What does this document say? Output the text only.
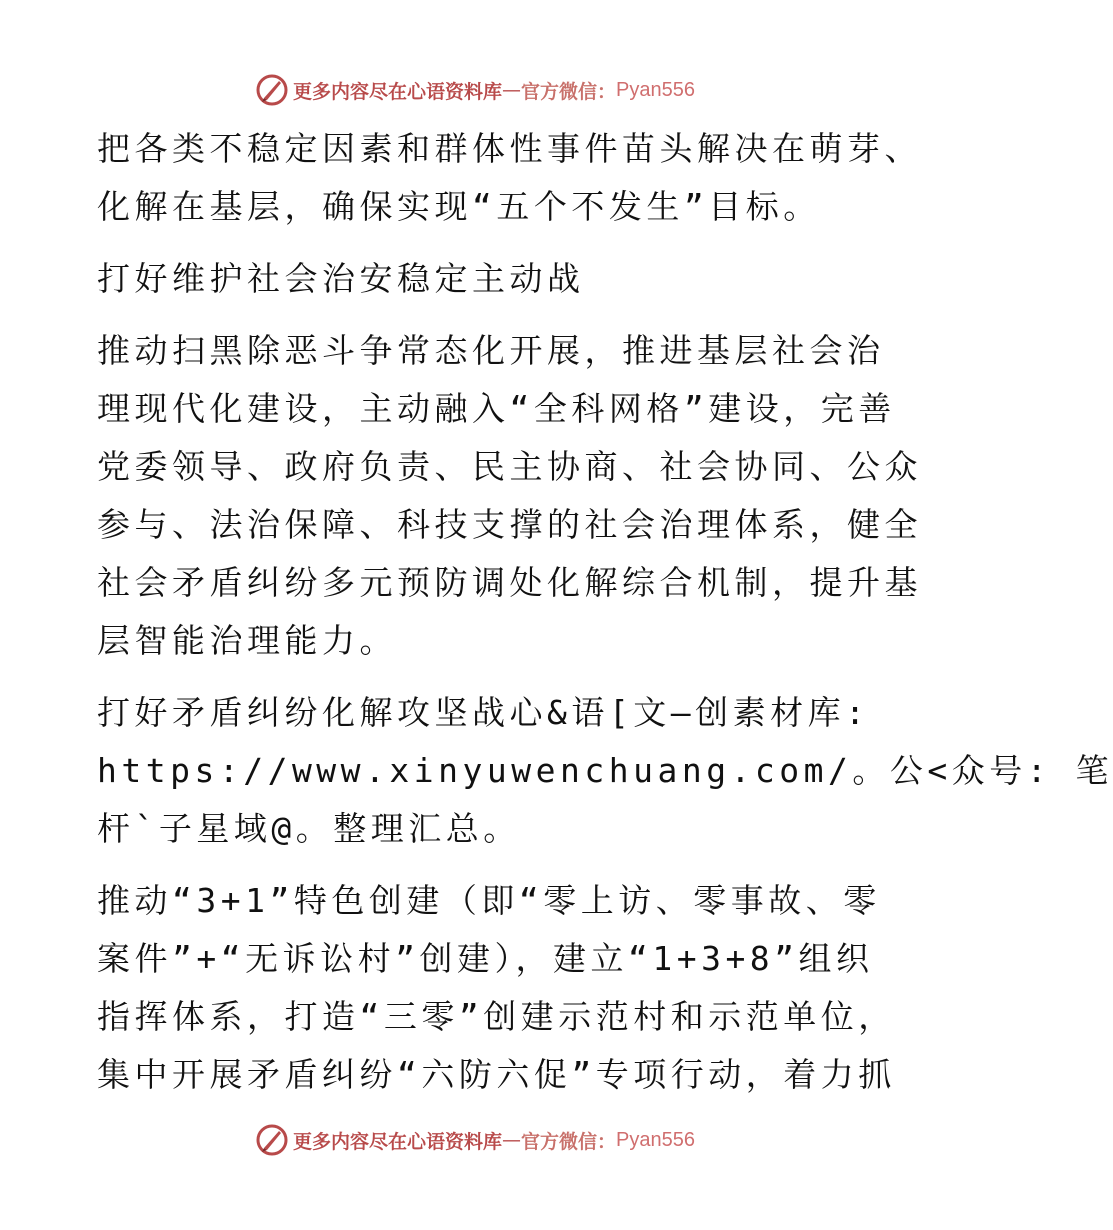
更多内容尽在心语资料库 — 官方微信： Pyan556

把各类不稳定因素和群体性事件苗头解决在萌芽、
化解在基层，确保实现“五个不发生”目标。

打好维护社会治安稳定主动战

推动扫黑除恶斗争常态化开展，推进基层社会治
理现代化建设，主动融入“全科网格”建设，完善
党委领导、政府负责、民主协商、社会协同、公众
参与、法治保障、科技支撑的社会治理体系，健全
社会矛盾纠纷多元预防调处化解综合机制，提升基
层智能治理能力。

打好矛盾纠纷化解攻坚战心&语[文—创素材库:
https://www.xinyuwenchuang.com/。公<众号: 笔
杆`子星域@。整理汇总。

推动“3+1”特色创建（即“零上访、零事故、零
案件”+“无诉讼村”创建），建立“1+3+8”组织
指挥体系，打造“三零”创建示范村和示范单位，
集中开展矛盾纠纷“六防六促”专项行动，着力抓

更多内容尽在心语资料库 — 官方微信： Pyan556
